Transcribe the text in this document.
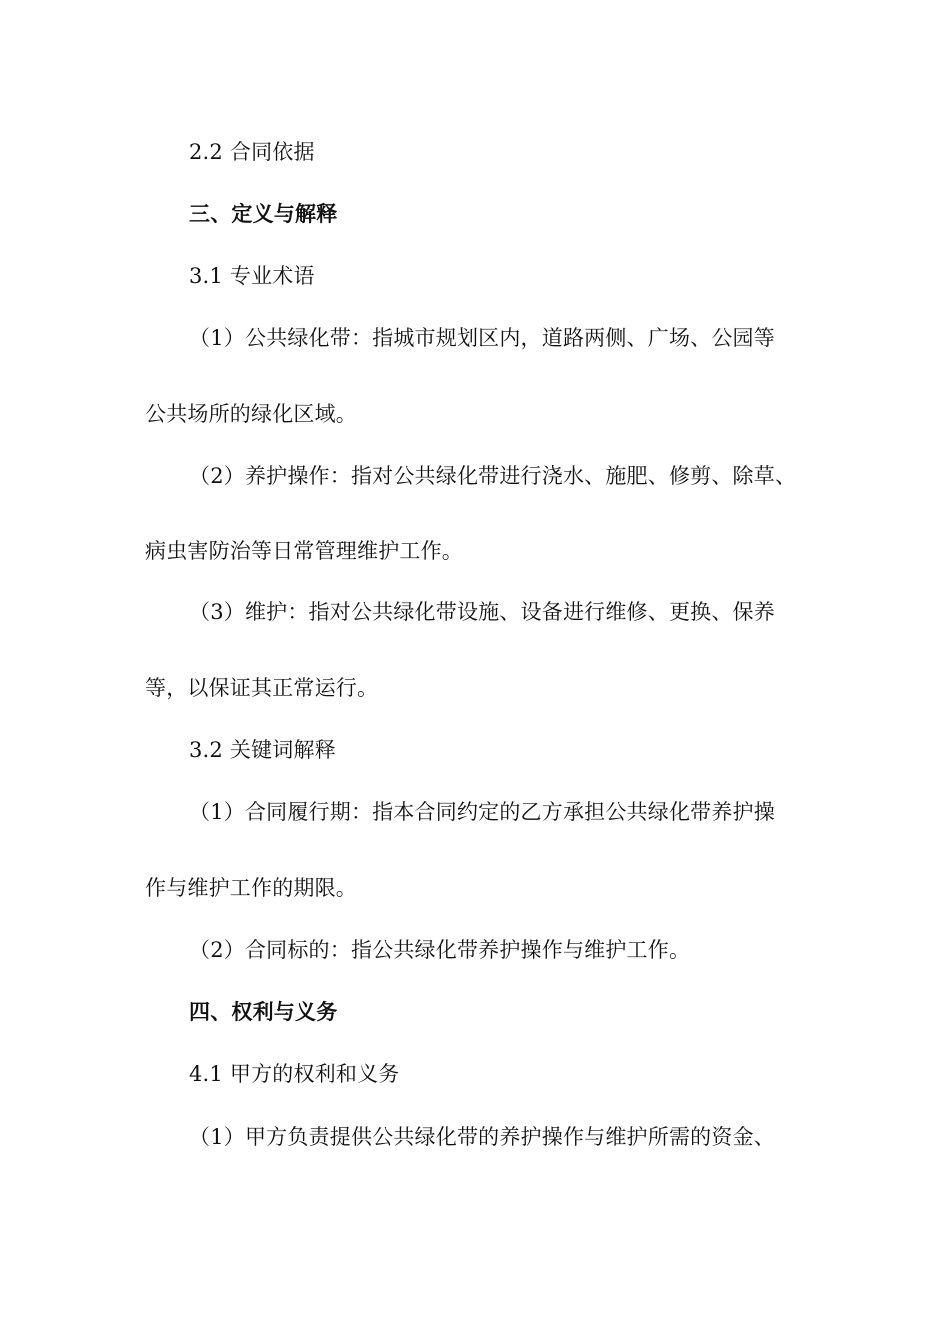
2.2 合同依据
三、定义与解释
3.1 专业术语
（1）公共绿化带：指城市规划区内，道路两侧、广场、公园等
公共场所的绿化区域。
（2）养护操作：指对公共绿化带进行浇水、施肥、修剪、除草、
病虫害防治等日常管理维护工作。
（3）维护：指对公共绿化带设施、设备进行维修、更换、保养
等，以保证其正常运行。
3.2 关键词解释
（1）合同履行期：指本合同约定的乙方承担公共绿化带养护操
作与维护工作的期限。
（2）合同标的：指公共绿化带养护操作与维护工作。
四、权利与义务
4.1 甲方的权利和义务
（1）甲方负责提供公共绿化带的养护操作与维护所需的资金、
